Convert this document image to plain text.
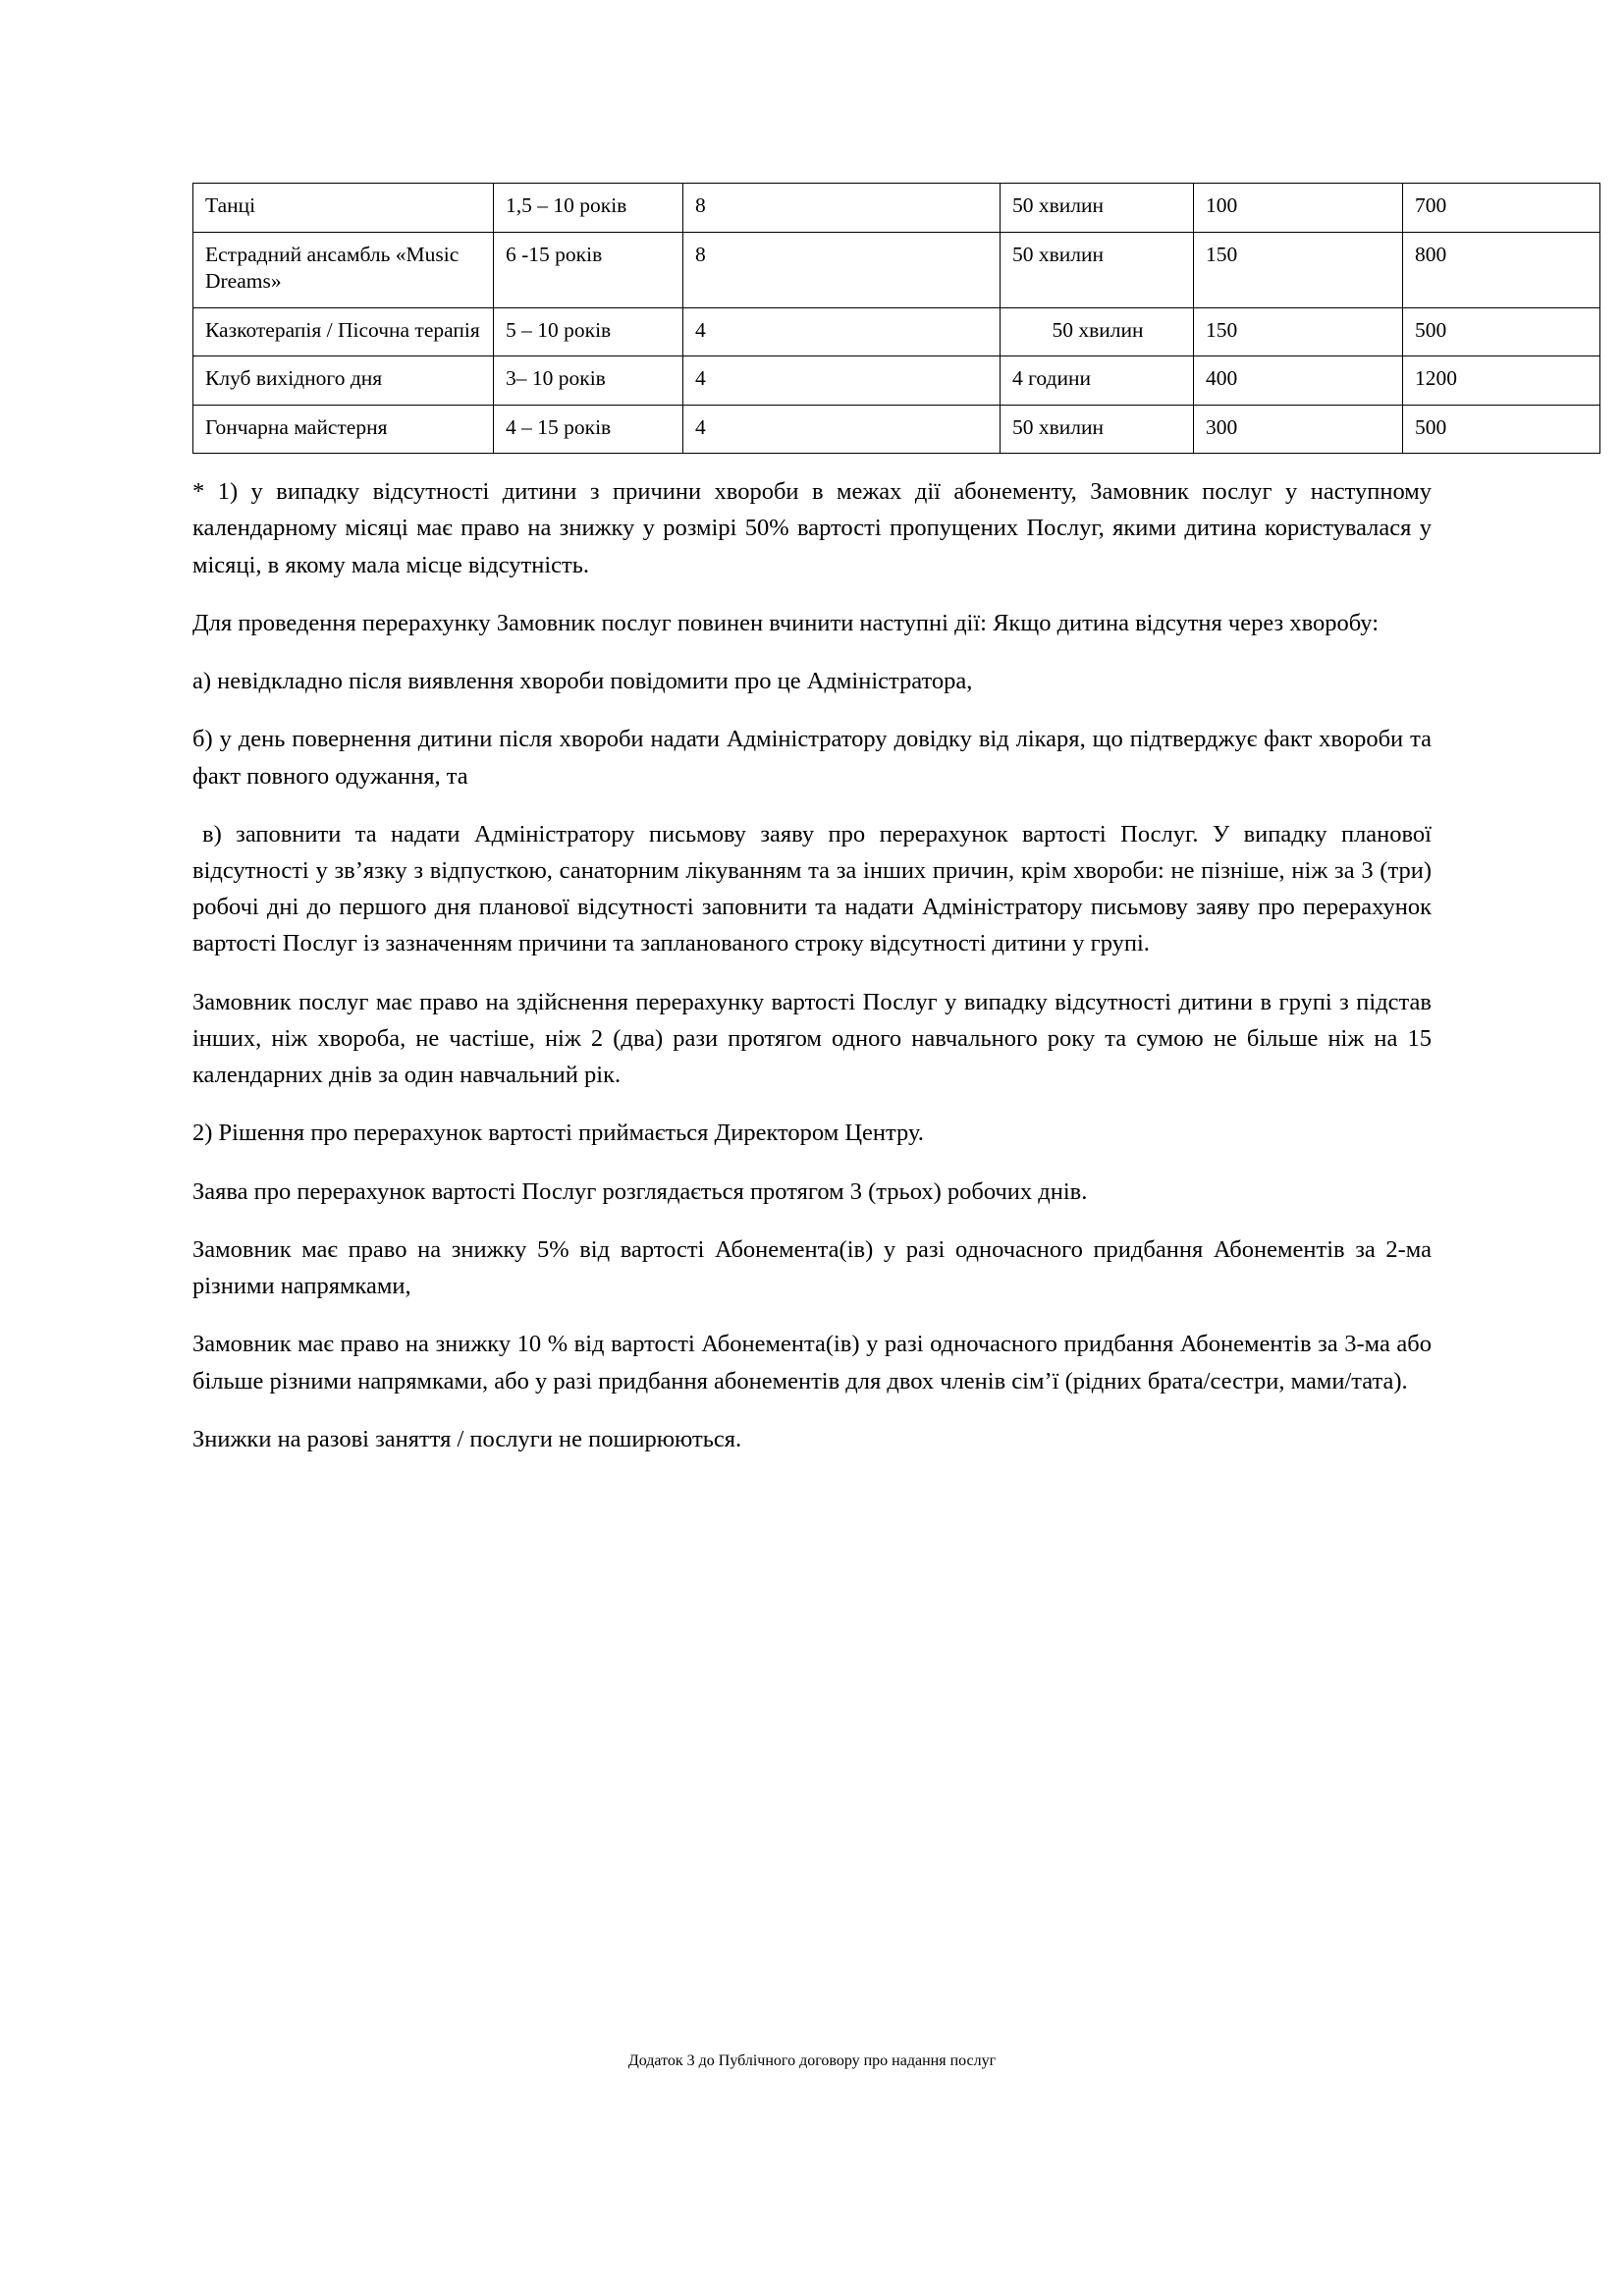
Танці	1,5 – 10 років	8	50 хвилин	100	700
Естрадний ансамбль «Music Dreams»	6 -15 років	8	50 хвилин	150	800
Казкотерапія / Пісочна терапія	5 – 10 років	4	50 хвилин	150	500
Клуб вихідного дня	3– 10 років	4	4 години	400	1200
Гончарна майстерня	4 – 15 років	4	50 хвилин	300	500

* 1) у випадку відсутності дитини з причини хвороби в межах дії абонементу, Замовник послуг у наступному календарному місяці має право на знижку у розмірі 50% вартості пропущених Послуг, якими дитина користувалася у місяці, в якому мала місце відсутність.

Для проведення перерахунку Замовник послуг повинен вчинити наступні дії: Якщо дитина відсутня через хворобу:

а) невідкладно після виявлення хвороби повідомити про це Адміністратора,

б) у день повернення дитини після хвороби надати Адміністратору довідку від лікаря, що підтверджує факт хвороби та факт повного одужання, та

в) заповнити та надати Адміністратору письмову заяву про перерахунок вартості Послуг. У випадку планової відсутності у зв’язку з відпусткою, санаторним лікуванням та за інших причин, крім хвороби: не пізніше, ніж за 3 (три) робочі дні до першого дня планової відсутності заповнити та надати Адміністратору письмову заяву про перерахунок вартості Послуг із зазначенням причини та запланованого строку відсутності дитини у групі.

Замовник послуг має право на здійснення перерахунку вартості Послуг у випадку відсутності дитини в групі з підстав інших, ніж хвороба, не частіше, ніж 2 (два) рази протягом одного навчального року та сумою не більше ніж на 15 календарних днів за один навчальний рік.

2) Рішення про перерахунок вартості приймається Директором Центру.

Заява про перерахунок вартості Послуг розглядається протягом 3 (трьох) робочих днів.

Замовник має право на знижку 5% від вартості Абонемента(ів) у разі одночасного придбання Абонементів за 2-ма різними напрямками,

Замовник має право на знижку 10 % від вартості Абонемента(ів) у разі одночасного придбання Абонементів за 3-ма або більше різними напрямками, або у разі придбання абонементів для двох членів сім’ї (рідних брата/сестри, мами/тата).

Знижки на разові заняття / послуги не поширюються.

Додаток 3 до Публічного договору про надання послуг
